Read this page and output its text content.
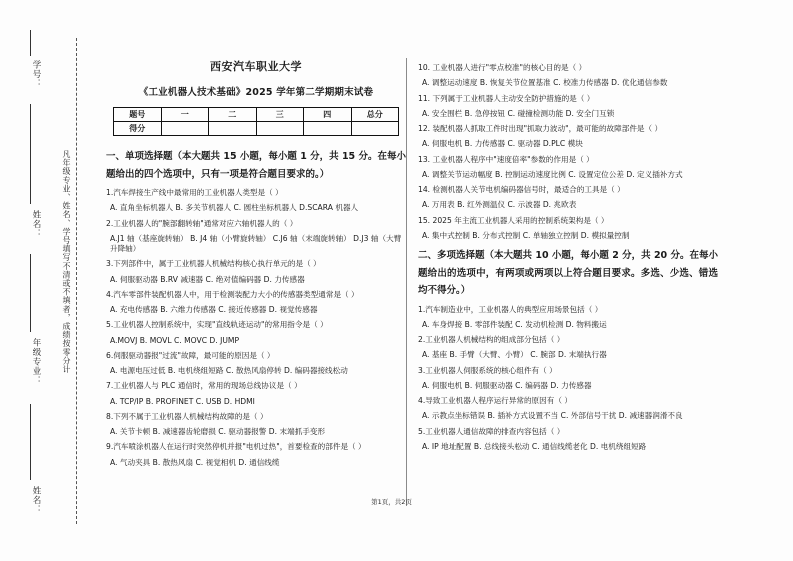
学号：
姓名：
年级专业：
姓名：
凡年级专业、姓名、学号填写不清或不填者，成绩按零分计
西安汽车职业大学
《工业机器人技术基础》2025 学年第二学期期末试卷
题号	一	二	三	四	总分
得分					
一、单项选择题（本大题共 15 小题，每小题 1 分，共 15 分。在每小题给出的四个选项中，只有一项是符合题目要求的。）
1.汽车焊接生产线中最常用的工业机器人类型是（ ）
A. 直角坐标机器人 B. 多关节机器人 C. 圆柱坐标机器人 D.SCARA 机器人
2.工业机器人的"腕部翻转轴"通常对应六轴机器人的（ ）
A.J1 轴（基座旋转轴） B. J4 轴（小臂旋转轴） C.J6 轴（末端旋转轴） D.J3 轴（大臂升降轴）
3.下列部件中，属于工业机器人机械结构核心执行单元的是（ ）
A. 伺服驱动器 B.RV 减速器 C. 绝对值编码器 D. 力传感器
4.汽车零部件装配机器人中，用于检测装配力大小的传感器类型通常是（ ）
A. 充电传感器 B. 六维力传感器 C. 接近传感器 D. 视觉传感器
5.工业机器人控制系统中，实现"直线轨迹运动"的常用指令是（ ）
A.MOVJ B. MOVL C. MOVC D. JUMP
6.伺服驱动器报"过流"故障，最可能的原因是（ ）
A. 电源电压过低 B. 电机绕组短路 C. 散热风扇停转 D. 编码器接线松动
7.工业机器人与 PLC 通信时，常用的现场总线协议是（ ）
A. TCP/IP B. PROFINET C. USB D. HDMI
8.下列不属于工业机器人机械结构故障的是（ ）
A. 关节卡顿 B. 减速器齿轮磨损 C. 驱动器报警 D. 末端抓手变形
9.汽车喷涂机器人在运行时突然停机并报"电机过热"，首要检查的部件是（ ）
A. 气动夹具 B. 散热风扇 C. 视觉相机 D. 通信线缆
10. 工业机器人进行"零点校准"的核心目的是（ ）
A. 调整运动速度 B. 恢复关节位置基准 C. 校准力传感器 D. 优化通信参数
11. 下列属于工业机器人主动安全防护措施的是（ ）
A. 安全围栏 B. 急停按钮 C. 碰撞检测功能 D. 安全门互锁
12. 装配机器人抓取工件时出现"抓取力波动"，最可能的故障部件是（ ）
A. 伺服电机 B. 力传感器 C. 驱动器 D.PLC 模块
13. 工业机器人程序中"速度倍率"参数的作用是（ ）
A. 调整关节运动幅度 B. 控制运动速度比例 C. 设置定位公差 D. 定义插补方式
14. 检测机器人关节电机编码器信号时，最适合的工具是（ ）
A. 万用表 B. 红外测温仪 C. 示波器 D. 兆欧表
15. 2025 年主流工业机器人采用的控制系统架构是（ ）
A. 集中式控制 B. 分布式控制 C. 单轴独立控制 D. 模拟量控制
二、多项选择题（本大题共 10 小题，每小题 2 分，共 20 分。在每小题给出的选项中，有两项或两项以上符合题目要求。多选、少选、错选均不得分。）
1.汽车制造业中，工业机器人的典型应用场景包括（ ）
A. 车身焊接 B. 零部件装配 C. 发动机检测 D. 物料搬运
2.工业机器人机械结构的组成部分包括（ ）
A. 基座 B. 手臂（大臂、小臂） C. 腕部 D. 末端执行器
3.工业机器人伺服系统的核心组件有（ ）
A. 伺服电机 B. 伺服驱动器 C. 编码器 D. 力传感器
4.导致工业机器人程序运行异常的原因有（ ）
A. 示教点坐标错误 B. 插补方式设置不当 C. 外部信号干扰 D. 减速器润滑不良
5.工业机器人通信故障的排查内容包括（ ）
A. IP 地址配置 B. 总线接头松动 C. 通信线缆老化 D. 电机绕组短路
第1页，共2页
